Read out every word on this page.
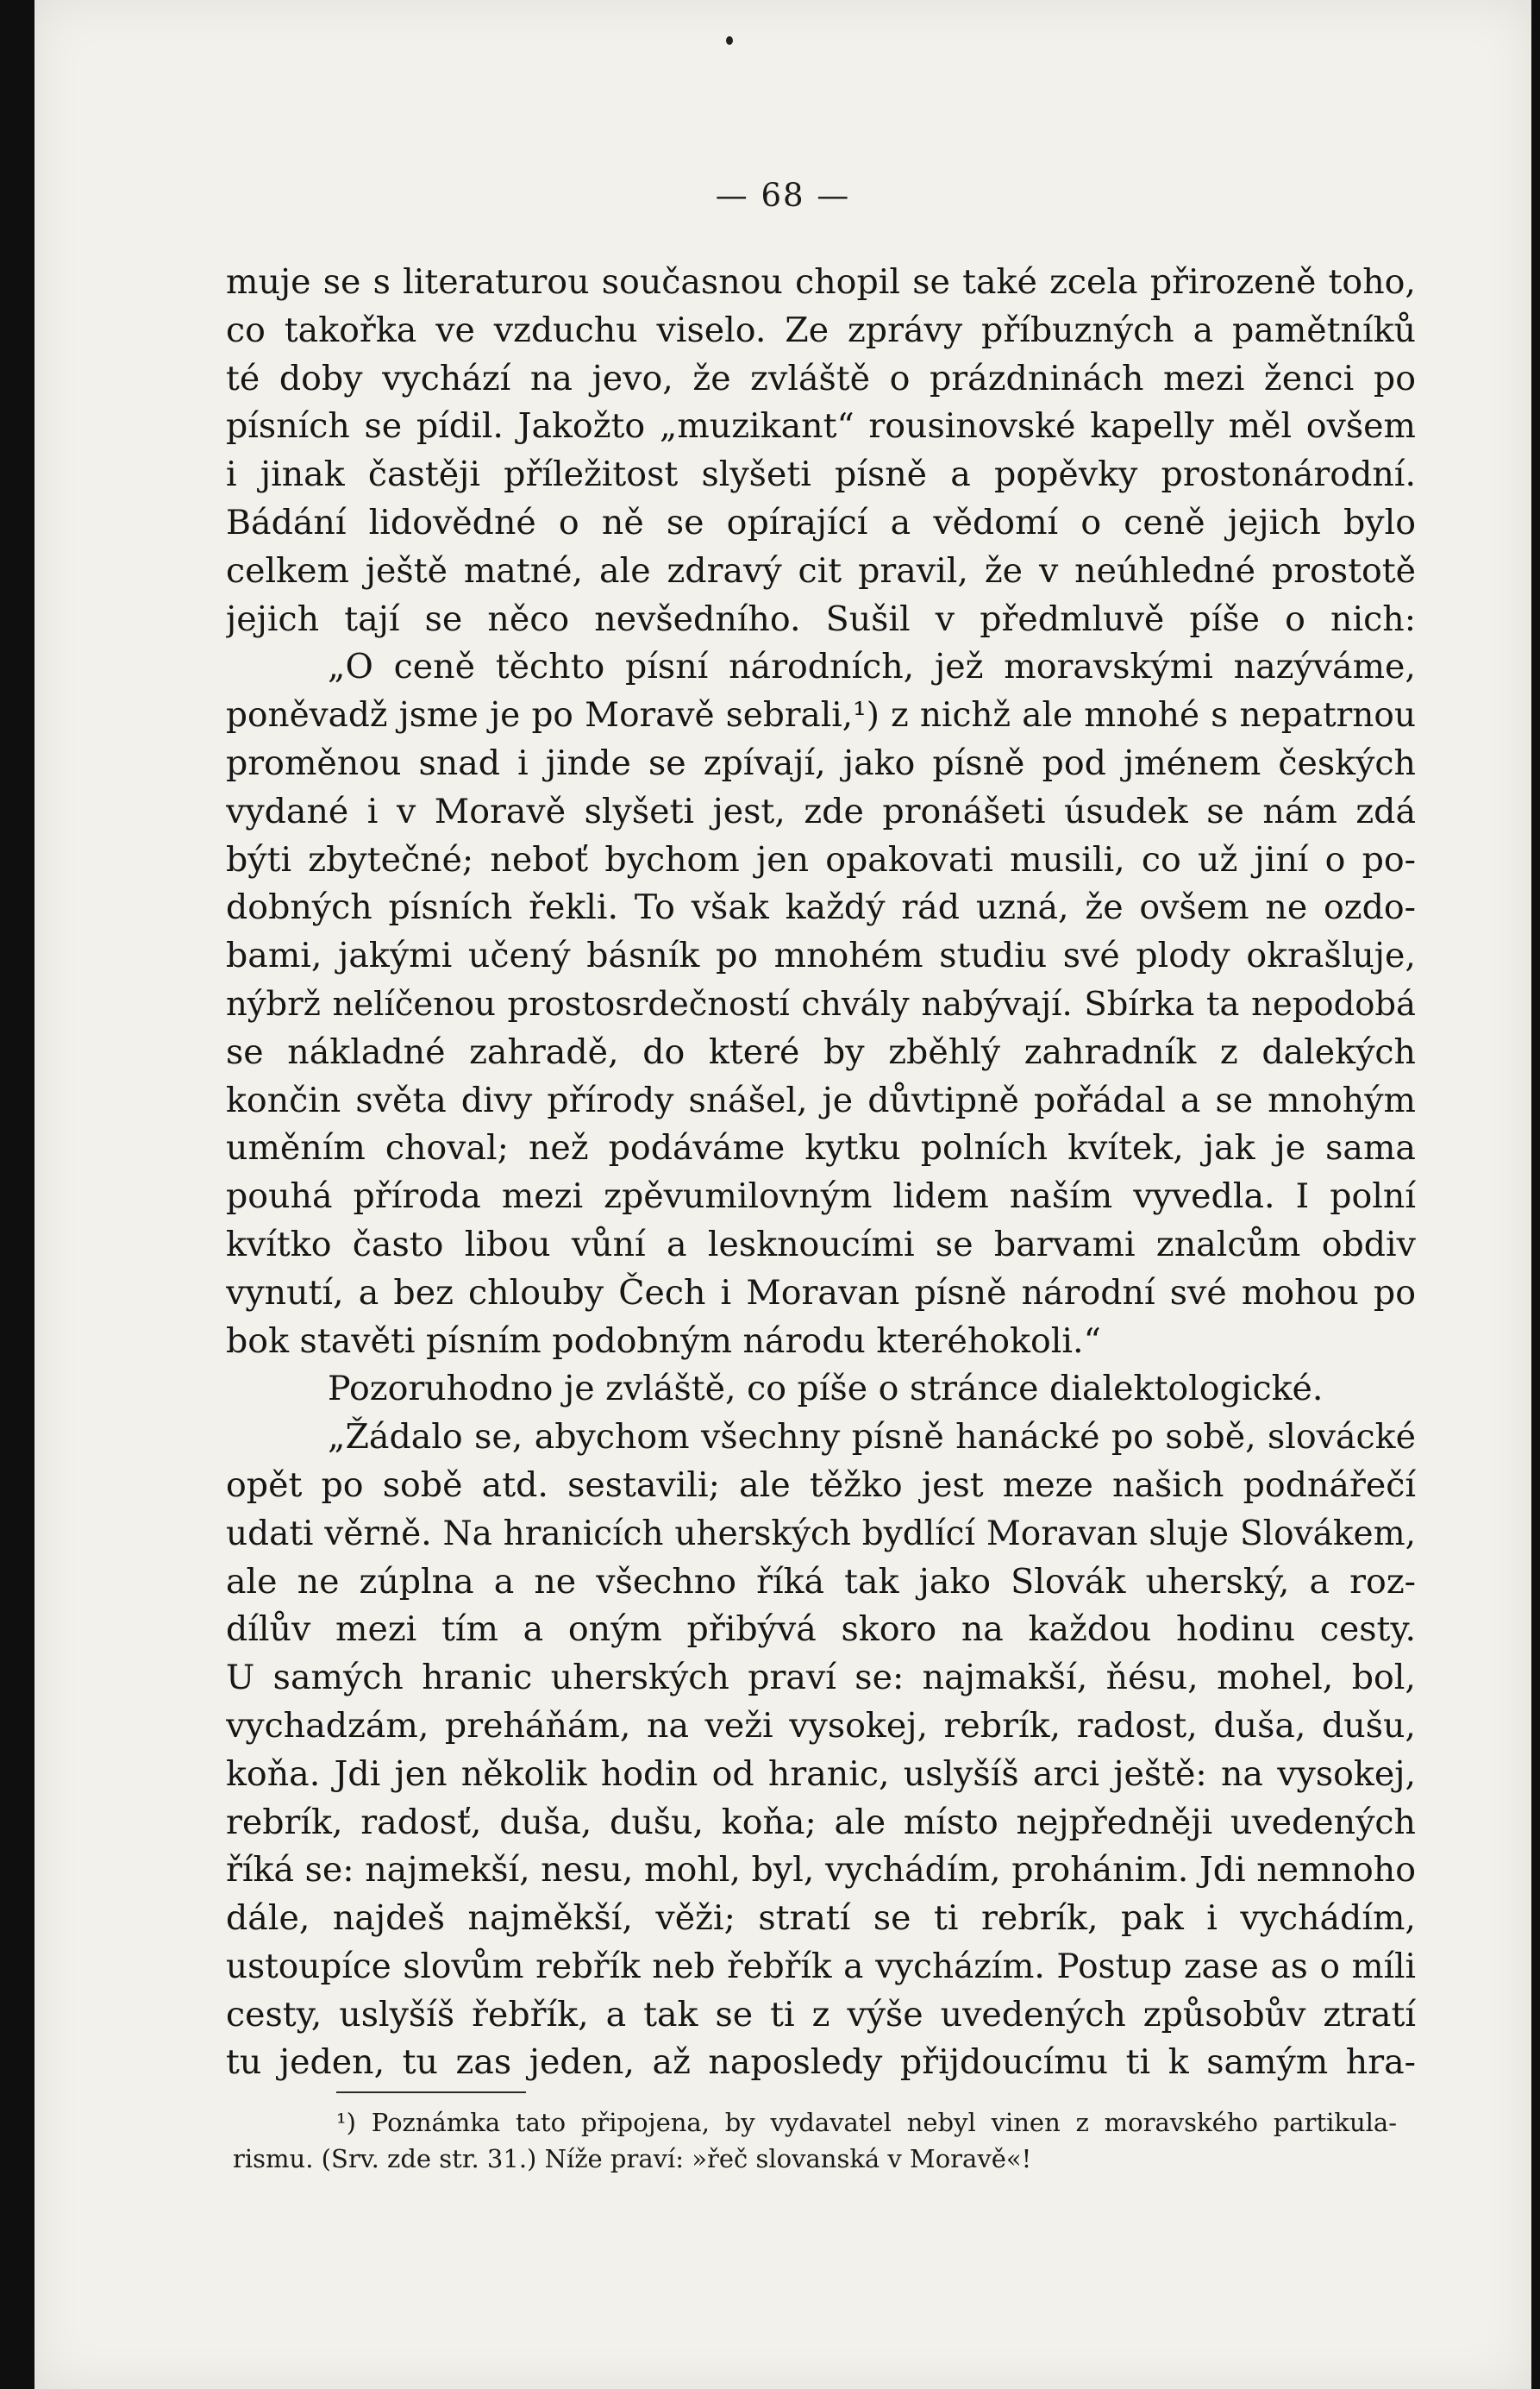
— 68 —
muje se s literaturou současnou chopil se také zcela přirozeně toho,
co takořka ve vzduchu viselo. Ze zprávy příbuzných a pamětníků
té doby vychází na jevo, že zvláště o prázdninách mezi ženci po
písních se pídil. Jakožto „muzikant“ rousinovské kapelly měl ovšem
i jinak častěji příležitost slyšeti písně a popěvky prostonárodní.
Bádání lidovědné o ně se opírající a vědomí o ceně jejich bylo
celkem ještě matné, ale zdravý cit pravil, že v neúhledné prostotě
jejich tají se něco nevšedního. Sušil v předmluvě píše o nich:
„O ceně těchto písní národních, jež moravskými nazýváme,
poněvadž jsme je po Moravě sebrali,¹) z nichž ale mnohé s nepatrnou
proměnou snad i jinde se zpívají, jako písně pod jménem českých
vydané i v Moravě slyšeti jest, zde pronášeti úsudek se nám zdá
býti zbytečné; neboť bychom jen opakovati musili, co už jiní o po-
dobných písních řekli. To však každý rád uzná, že ovšem ne ozdo-
bami, jakými učený básník po mnohém studiu své plody okrašluje,
nýbrž nelíčenou prostosrdečností chvály nabývají. Sbírka ta nepodobá
se nákladné zahradě, do které by zběhlý zahradník z dalekých
končin světa divy přírody snášel, je důvtipně pořádal a se mnohým
uměním choval; než podáváme kytku polních kvítek, jak je sama
pouhá příroda mezi zpěvumilovným lidem naším vyvedla. I polní
kvítko často libou vůní a lesknoucími se barvami znalcům obdiv
vynutí, a bez chlouby Čech i Moravan písně národní své mohou po
bok stavěti písním podobným národu kteréhokoli.“
Pozoruhodno je zvláště, co píše o stránce dialektologické.
„Žádalo se, abychom všechny písně hanácké po sobě, slovácké
opět po sobě atd. sestavili; ale těžko jest meze našich podnářečí
udati věrně. Na hranicích uherských bydlící Moravan sluje Slovákem,
ale ne zúplna a ne všechno říká tak jako Slovák uherský, a roz-
dílův mezi tím a oným přibývá skoro na každou hodinu cesty.
U samých hranic uherských praví se: najmakší, ňésu, mohel, bol,
vychadzám, preháňám, na veži vysokej, rebrík, radost, duša, dušu,
koňa. Jdi jen několik hodin od hranic, uslyšíš arci ještě: na vysokej,
rebrík, radosť, duša, dušu, koňa; ale místo nejpředněji uvedených
říká se: najmekší, nesu, mohl, byl, vychádím, prohánim. Jdi nemnoho
dále, najdeš najměkší, věži; stratí se ti rebrík, pak i vychádím,
ustoupíce slovům rebřík neb řebřík a vycházím. Postup zase as o míli
cesty, uslyšíš řebřík, a tak se ti z výše uvedených způsobův ztratí
tu jeden, tu zas jeden, až naposledy přijdoucímu ti k samým hra-
¹) Poznámka tato připojena, by vydavatel nebyl vinen z moravského partikula-
rismu. (Srv. zde str. 31.) Níže praví: »řeč slovanská v Moravě«!
